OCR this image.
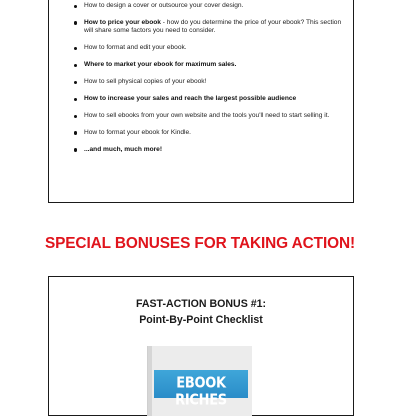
How to design a cover or outsource your cover design.
How to price your ebook - how do you determine the price of your ebook? This section will share some factors you need to consider.
How to format and edit your ebook.
Where to market your ebook for maximum sales.
How to sell physical copies of your ebook!
How to increase your sales and reach the largest possible audience
How to sell ebooks from your own website and the tools you'll need to start selling it.
How to format your ebook for Kindle.
...and much, much more!
SPECIAL BONUSES FOR TAKING ACTION!
FAST-ACTION BONUS #1:
Point-By-Point Checklist
EBOOK RICHES
